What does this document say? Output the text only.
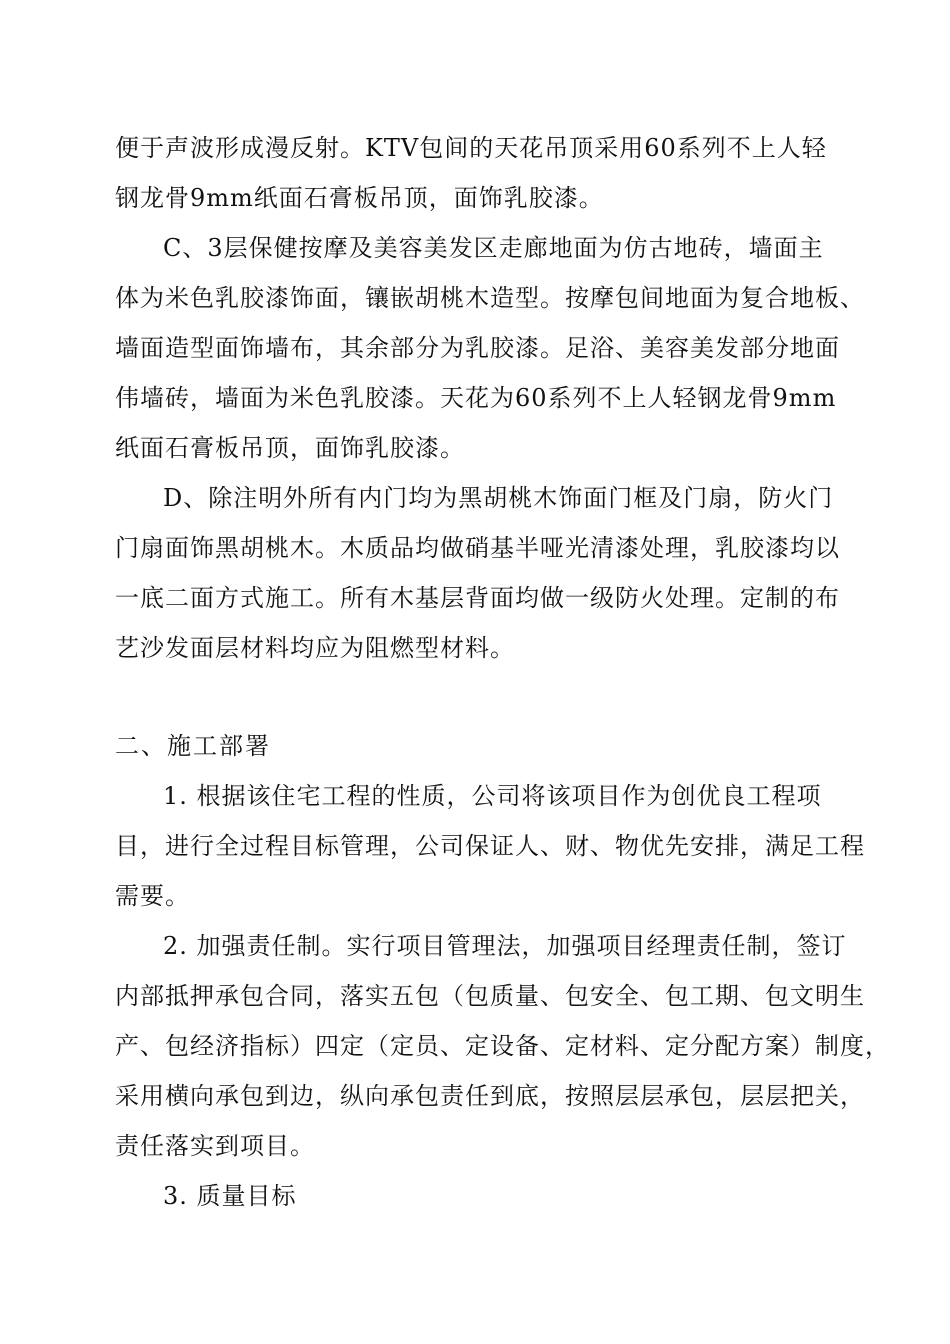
便于声波形成漫反射。KTV包间的天花吊顶采用60系列不上人轻
钢龙骨9mm纸面石膏板吊顶，面饰乳胶漆。
C、3层保健按摩及美容美发区走廊地面为仿古地砖，墙面主
体为米色乳胶漆饰面，镶嵌胡桃木造型。按摩包间地面为复合地板、
墙面造型面饰墙布，其余部分为乳胶漆。足浴、美容美发部分地面
伟墙砖，墙面为米色乳胶漆。天花为60系列不上人轻钢龙骨9mm
纸面石膏板吊顶，面饰乳胶漆。
D、除注明外所有内门均为黑胡桃木饰面门框及门扇，防火门
门扇面饰黑胡桃木。木质品均做硝基半哑光清漆处理，乳胶漆均以
一底二面方式施工。所有木基层背面均做一级防火处理。定制的布
艺沙发面层材料均应为阻燃型材料。
二、施工部署
1. 根据该住宅工程的性质，公司将该项目作为创优良工程项
目，进行全过程目标管理，公司保证人、财、物优先安排，满足工程
需要。
2. 加强责任制。实行项目管理法，加强项目经理责任制，签订
内部抵押承包合同，落实五包（包质量、包安全、包工期、包文明生
产、包经济指标）四定（定员、定设备、定材料、定分配方案）制度，
采用横向承包到边，纵向承包责任到底，按照层层承包，层层把关，
责任落实到项目。
3. 质量目标
